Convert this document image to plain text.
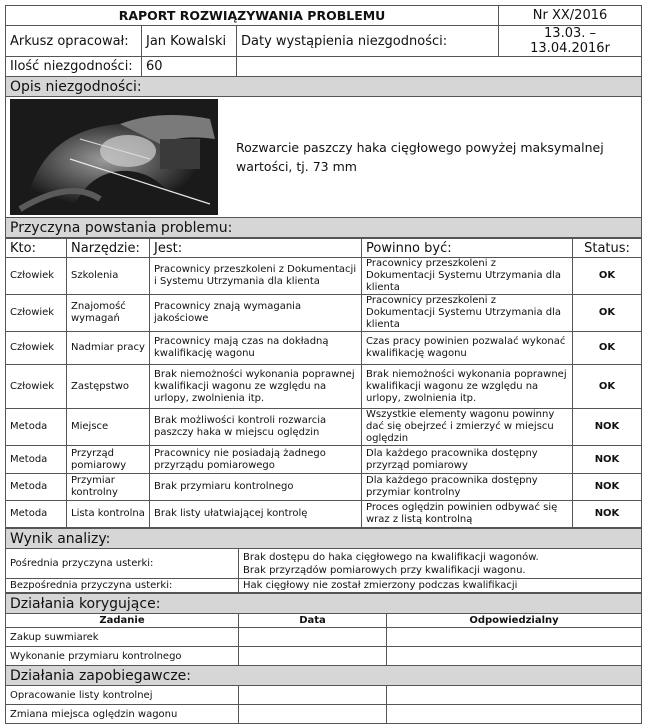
RAPORT ROZWIĄZYWANIA PROBLEMU			Nr XX/2016
Arkusz opracował:	Jan Kowalski	Daty wystąpienia niezgodności:	13.03. – 13.04.2016r
Ilość niezgodności:	60		
Opis niezgodności:			

Rozwarcie paszczy haka cięgłowego powyżej maksymalnej wartości, tj. 73 mm			

Przyczyna powstania problemu:			
Kto:	Narzędzie:	Jest:	Powinno być:	Status:
Człowiek	Szkolenia	Pracownicy przeszkoleni z Dokumentacji i Systemu Utrzymania dla klienta	Pracownicy przeszkoleni z Dokumentacji Systemu Utrzymania dla klienta	OK
Człowiek	Znajomość wymagań	Pracownicy znają wymagania jakościowe	Pracownicy przeszkoleni z Dokumentacji Systemu Utrzymania dla klienta	OK
Człowiek	Nadmiar pracy	Pracownicy mają czas na dokładną kwalifikację wagonu	Czas pracy powinien pozwalać wykonać kwalifikację wagonu	OK
Człowiek	Zastępstwo	Brak niemożności wykonania poprawnej kwalifikacji wagonu ze względu na urlopy, zwolnienia itp.	Brak niemożności wykonania poprawnej kwalifikacji wagonu ze względu na urlopy, zwolnienia itp.	OK
Metoda	Miejsce	Brak możliwości kontroli rozwarcia paszczy haka w miejscu oględzin	Wszystkie elementy wagonu powinny dać się obejrzeć i zmierzyć w miejscu oględzin	NOK
Metoda	Przyrząd pomiarowy	Pracownicy nie posiadają żadnego przyrządu pomiarowego	Dla każdego pracownika dostępny przyrząd pomiarowy	NOK
Metoda	Przymiar kontrolny	Brak przymiaru kontrolnego	Dla każdego pracownika dostępny przymiar kontrolny	NOK
Metoda	Lista kontrolna	Brak listy ułatwiającej kontrolę	Proces oględzin powinien odbywać się wraz z listą kontrolną	NOK
Wynik analizy:	
Pośrednia przyczyna usterki:	Brak dostępu do haka cięgłowego na kwalifikacji wagonów.
Brak przyrządów pomiarowych przy kwalifikacji wagonu.

Bezpośrednia przyczyna usterki:	Hak cięgłowy nie został zmierzony podczas kwalifikacji
Działania korygujące:		
Zadanie	Data	Odpowiedzialny
Zakup suwmiarek		
Wykonanie przymiaru kontrolnego		
Działania zapobiegawcze:		
Opracowanie listy kontrolnej		
Zmiana miejsca oględzin wagonu		
